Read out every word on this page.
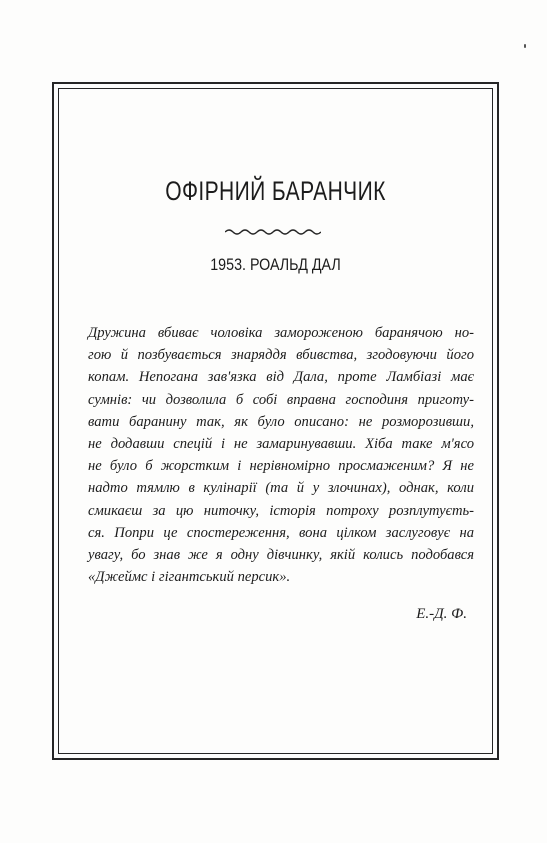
ОФІРНИЙ БАРАНЧИК
1953. РОАЛЬД ДАЛ
Дружина вбиває чоловіка замороженою баранячою но-
гою й позбувається знаряддя вбивства, згодовуючи його
копам. Непогана зав'язка від Дала, проте Ламбіазі має
сумнів: чи дозволила б собі вправна господиня приготу-
вати баранину так, як було описано: не розморозивши,
не додавши спецій і не замаринувавши. Хіба таке м'ясо
не було б жорстким і нерівномірно просмаженим? Я не
надто тямлю в кулінарії (та й у злочинах), однак, коли
смикаєш за цю ниточку, історія потроху розплутуєть-
ся. Попри це спостереження, вона цілком заслуговує на
увагу, бо знав же я одну дівчинку, якій колись подобався
«Джеймс і гігантський персик».
Е.-Д. Ф.
